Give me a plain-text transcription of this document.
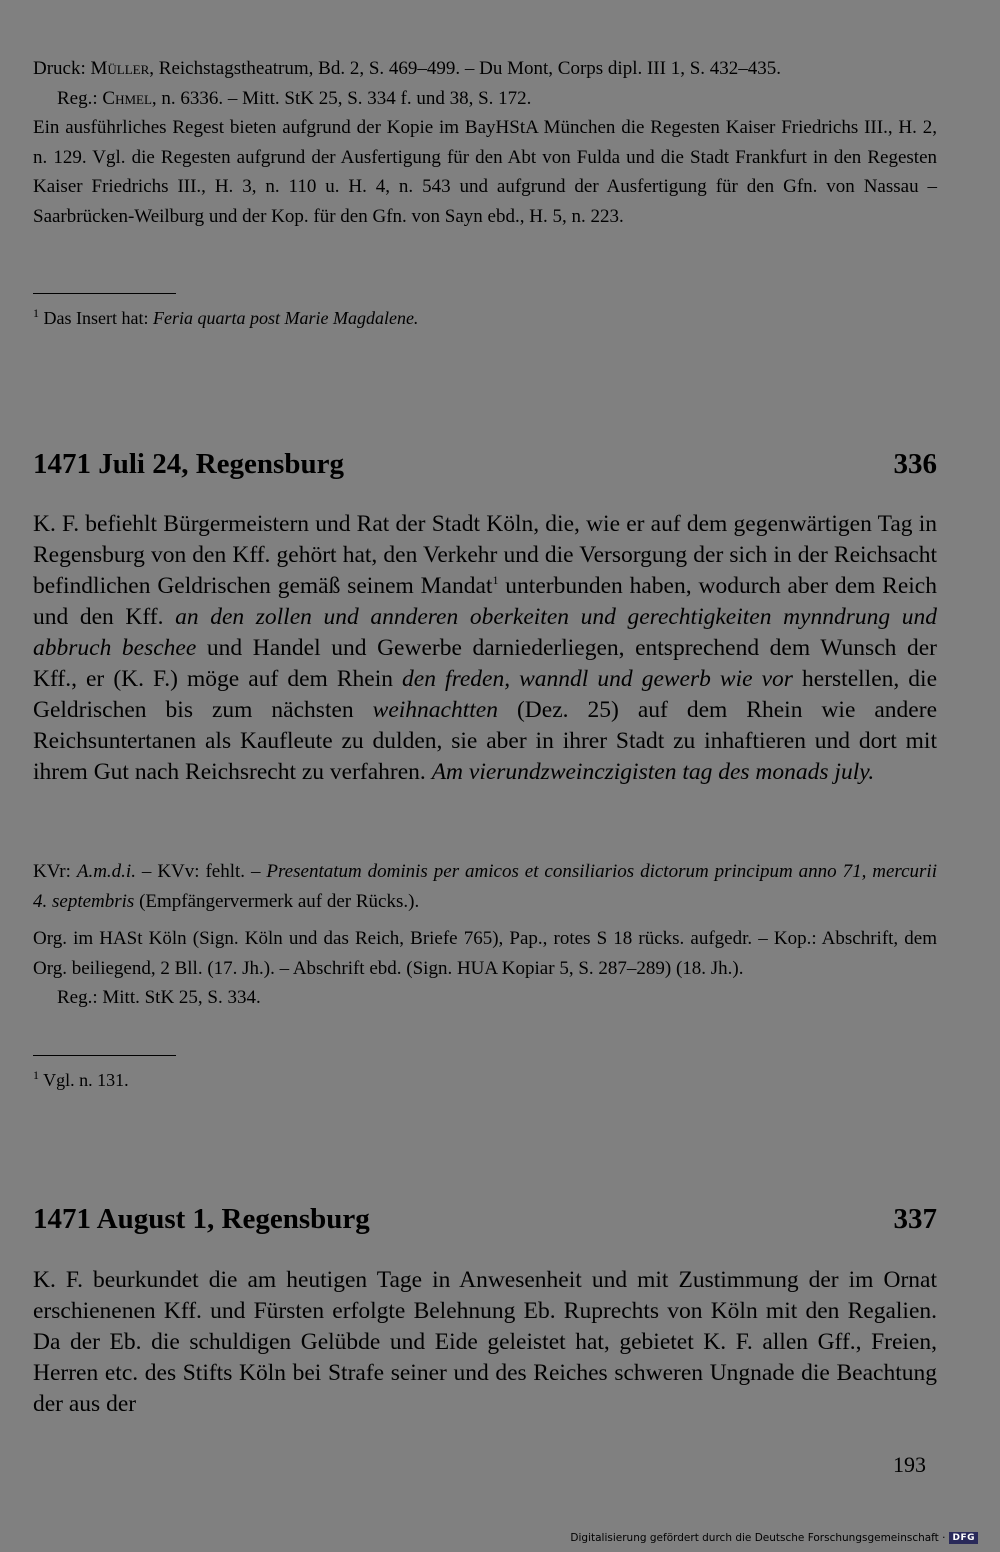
Druck: Müller, Reichstagstheatrum, Bd. 2, S. 469–499. – Du Mont, Corps dipl. III 1, S. 432–435.

Reg.: Chmel, n. 6336. – Mitt. StK 25, S. 334 f. und 38, S. 172.

Ein ausführliches Regest bieten aufgrund der Kopie im BayHStA München die Regesten Kaiser Friedrichs III., H. 2, n. 129. Vgl. die Regesten aufgrund der Ausfertigung für den Abt von Fulda und die Stadt Frankfurt in den Regesten Kaiser Friedrichs III., H. 3, n. 110 u. H. 4, n. 543 und aufgrund der Ausfertigung für den Gfn. von Nassau – Saarbrücken-Weilburg und der Kop. für den Gfn. von Sayn ebd., H. 5, n. 223.

$^1$ Das Insert hat: Feria quarta post Marie Magdalene.
1471 Juli 24, Regensburg	336

K. F. befiehlt Bürgermeistern und Rat der Stadt Köln, die, wie er auf dem gegenwärtigen Tag in Regensburg von den Kff. gehört hat, den Verkehr und die Versorgung der sich in der Reichsacht befindlichen Geldrischen gemäß seinem Mandat$^1$ unterbunden haben, wodurch aber dem Reich und den Kff. an den zollen und annderen oberkeiten und gerechtigkeiten mynndrung und abbruch beschee und Handel und Gewerbe darniederliegen, entsprechend dem Wunsch der Kff., er (K. F.) möge auf dem Rhein den freden, wanndl und gewerb wie vor herstellen, die Geldrischen bis zum nächsten weihnachtten (Dez. 25) auf dem Rhein wie andere Reichsuntertanen als Kaufleute zu dulden, sie aber in ihrer Stadt zu inhaftieren und dort mit ihrem Gut nach Reichsrecht zu verfahren. Am vierundzweinczigisten tag des monads july.

KVr: A.m.d.i. – KVv: fehlt. – Presentatum dominis per amicos et consiliarios dictorum principum anno 71, mercurii 4. septembris (Empfängervermerk auf der Rücks.).

Org. im HASt Köln (Sign. Köln und das Reich, Briefe 765), Pap., rotes S 18 rücks. aufgedr. – Kop.: Abschrift, dem Org. beiliegend, 2 Bll. (17. Jh.). – Abschrift ebd. (Sign. HUA Kopiar 5, S. 287–289) (18. Jh.).

Reg.: Mitt. StK 25, S. 334.

$^1$ Vgl. n. 131.
1471 August 1, Regensburg	337

K. F. beurkundet die am heutigen Tage in Anwesenheit und mit Zustimmung der im Ornat erschienenen Kff. und Fürsten erfolgte Belehnung Eb. Ruprechts von Köln mit den Regalien. Da der Eb. die schuldigen Gelübde und Eide geleistet hat, gebietet K. F. allen Gff., Freien, Herren etc. des Stifts Köln bei Strafe seiner und des Reiches schweren Ungnade die Beachtung der aus der

193
Digitalisierung gefördert durch die Deutsche Forschungsgemeinschaft · DFG
